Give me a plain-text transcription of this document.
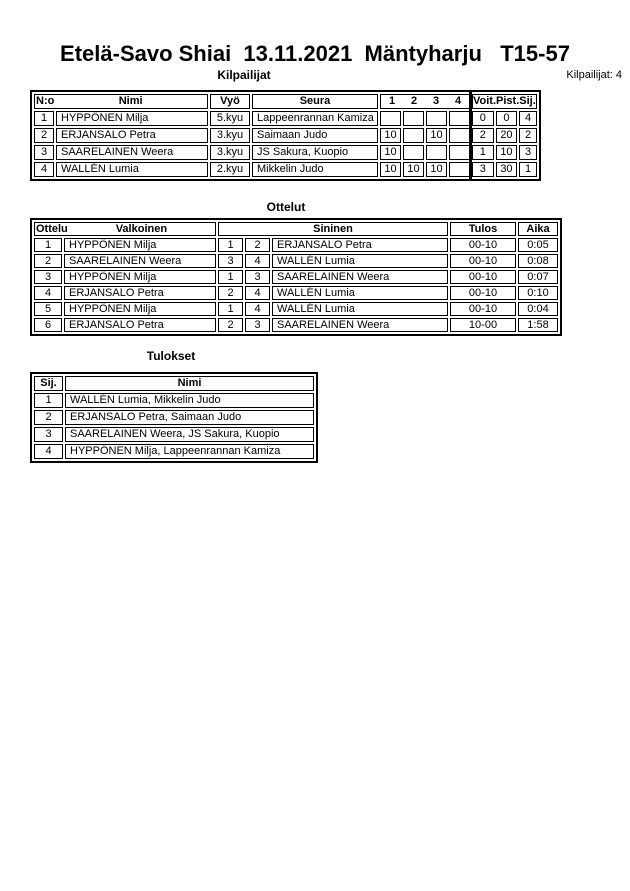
Etelä-Savo Shiai  13.11.2021  Mäntyharju   T15-57
Kilpailijat	Kilpailijat: 4
N:o Nimi		Vyö	Seura	1 2 3 4				Voit. Pist. Sij.		

1	HYPPÖNEN Milja	5.kyu	Lappeenrannan Kamiza					0	0	4
2	ERJANSALO Petra	3.kyu	Saimaan Judo	10		10		2	20	2
3	SAARELAINEN Weera	3.kyu	JS Sakura, Kuopio	10				1	10	3
4	WALLÉN Lumia	2.kyu	Mikkelin Judo	10	10	10		3	30	1
Ottelut
Ottelu Valkoinen		Sininen			Tulos	Aika
1	HYPPÖNEN Milja	1	2	ERJANSALO Petra	00-10	0:05
2	SAARELAINEN Weera	3	4	WALLÉN Lumia	00-10	0:08
3	HYPPÖNEN Milja	1	3	SAARELAINEN Weera	00-10	0:07
4	ERJANSALO Petra	2	4	WALLÉN Lumia	00-10	0:10
5	HYPPÖNEN Milja	1	4	WALLÉN Lumia	00-10	0:04
6	ERJANSALO Petra	2	3	SAARELAINEN Weera	10-00	1:58
Tulokset
Sij.	Nimi
1	WALLÉN Lumia, Mikkelin Judo
2	ERJANSALO Petra, Saimaan Judo
3	SAARELAINEN Weera, JS Sakura, Kuopio
4	HYPPÖNEN Milja, Lappeenrannan Kamiza
